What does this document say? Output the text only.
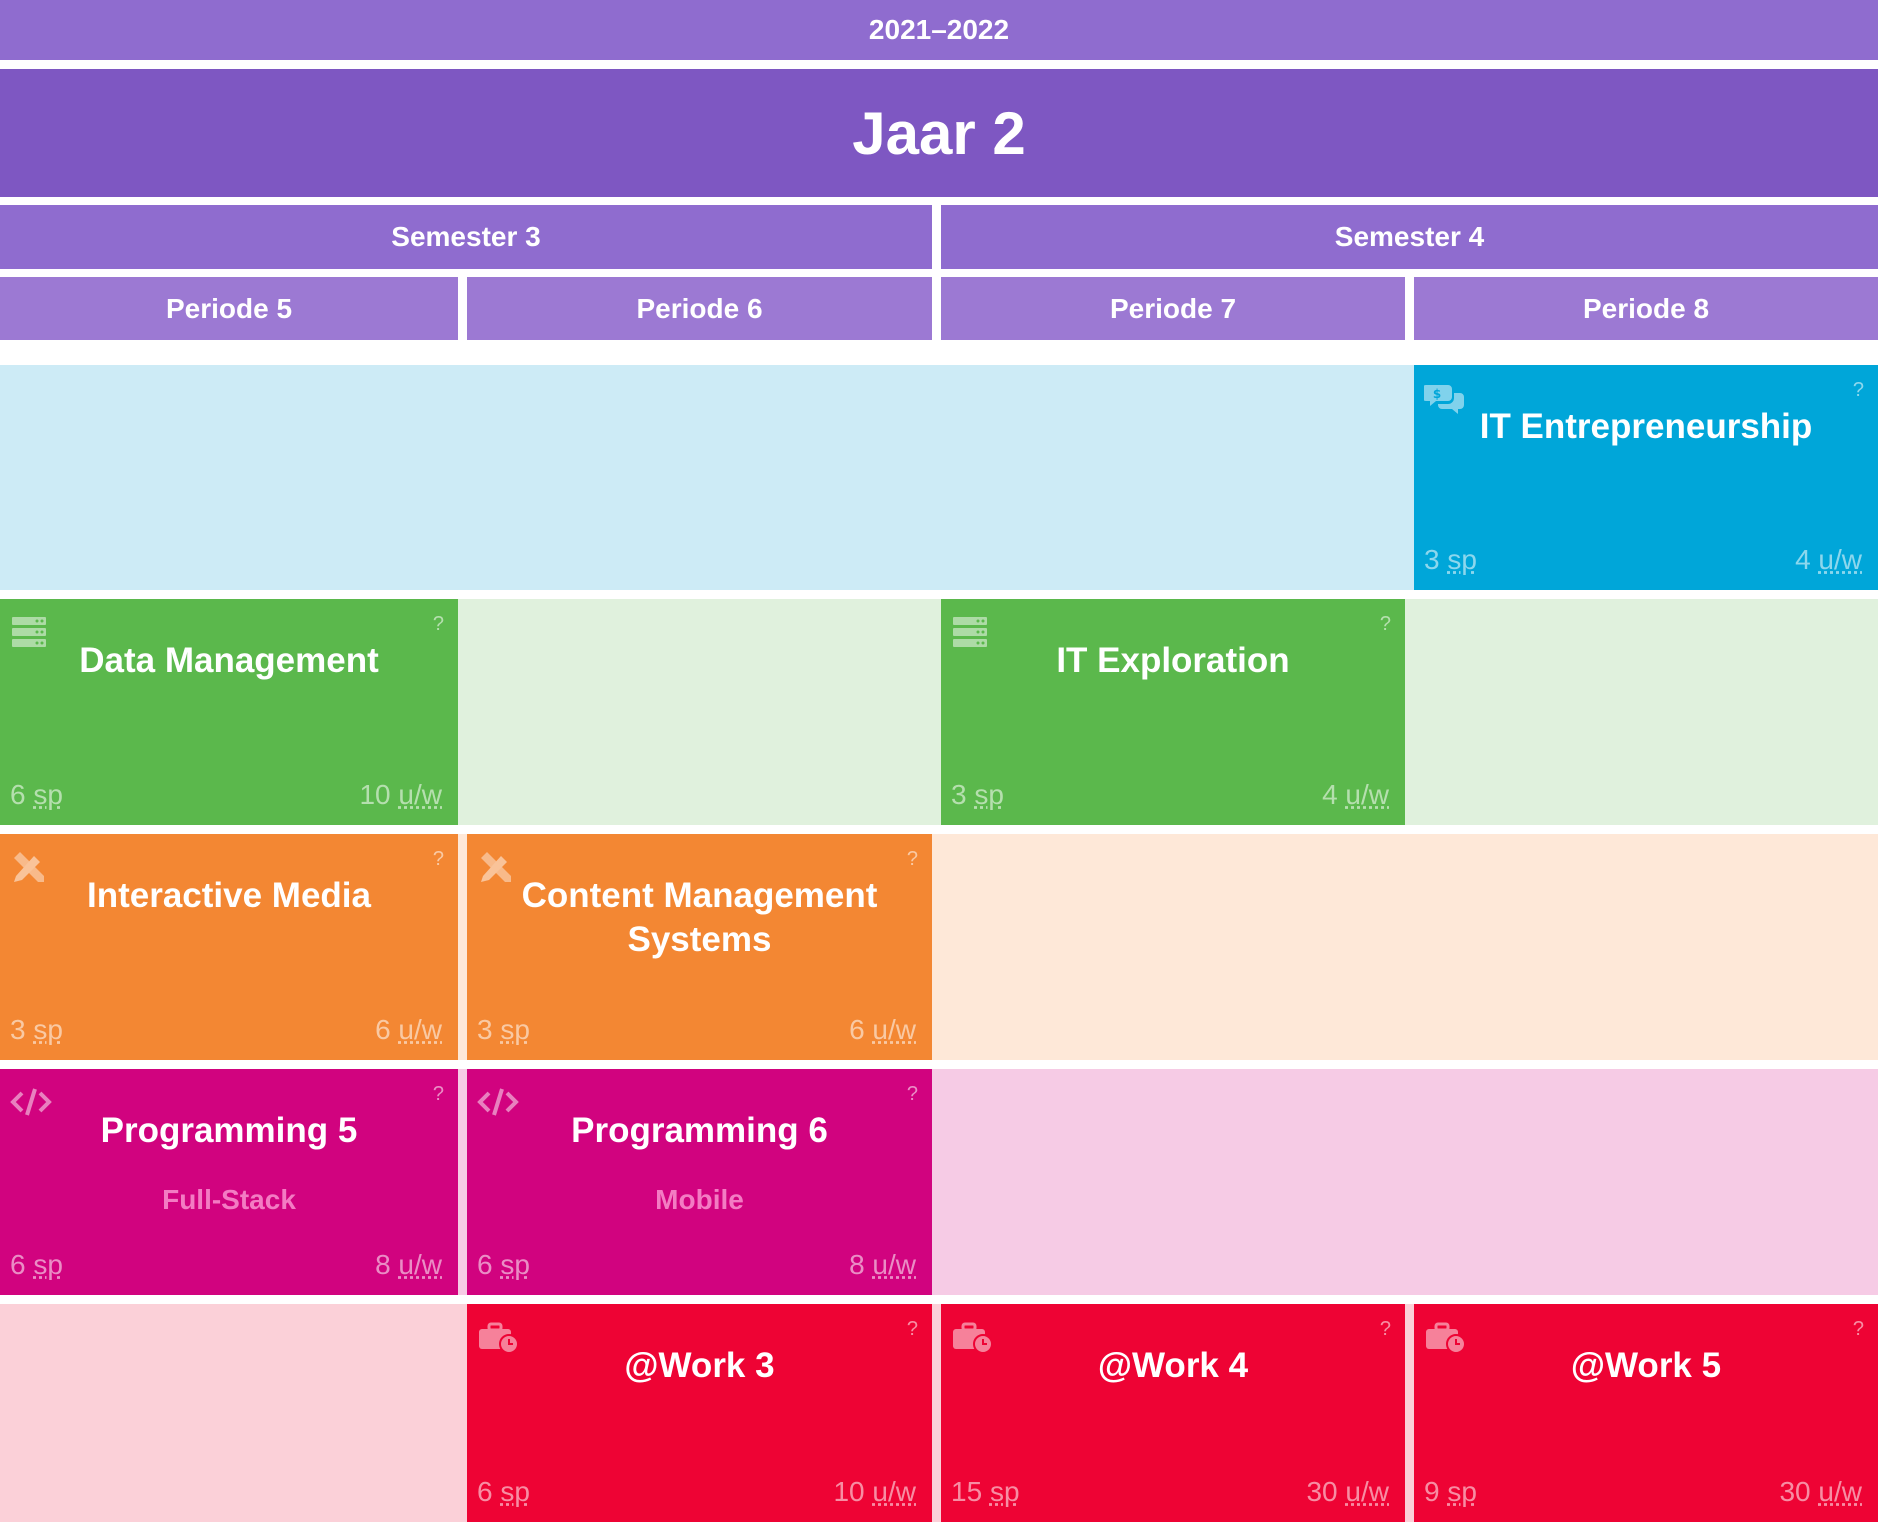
2021–2022
Jaar 2
Semester 3	Semester 4
Periode 5	Periode 6	Periode 7	Periode 8
$	?
IT Entrepreneurship
3 sp	4 u/w
?
Data Management
6 sp	10 u/w
?
IT Exploration
3 sp	4 u/w
?
Interactive Media
3 sp	6 u/w
?
Content Management Systems
3 sp	6 u/w
?
Programming 5
Full-Stack
6 sp	8 u/w
?
Programming 6
Mobile
6 sp	8 u/w
?
@Work 3
6 sp	10 u/w
?
@Work 4
15 sp	30 u/w
?
@Work 5
9 sp	30 u/w
